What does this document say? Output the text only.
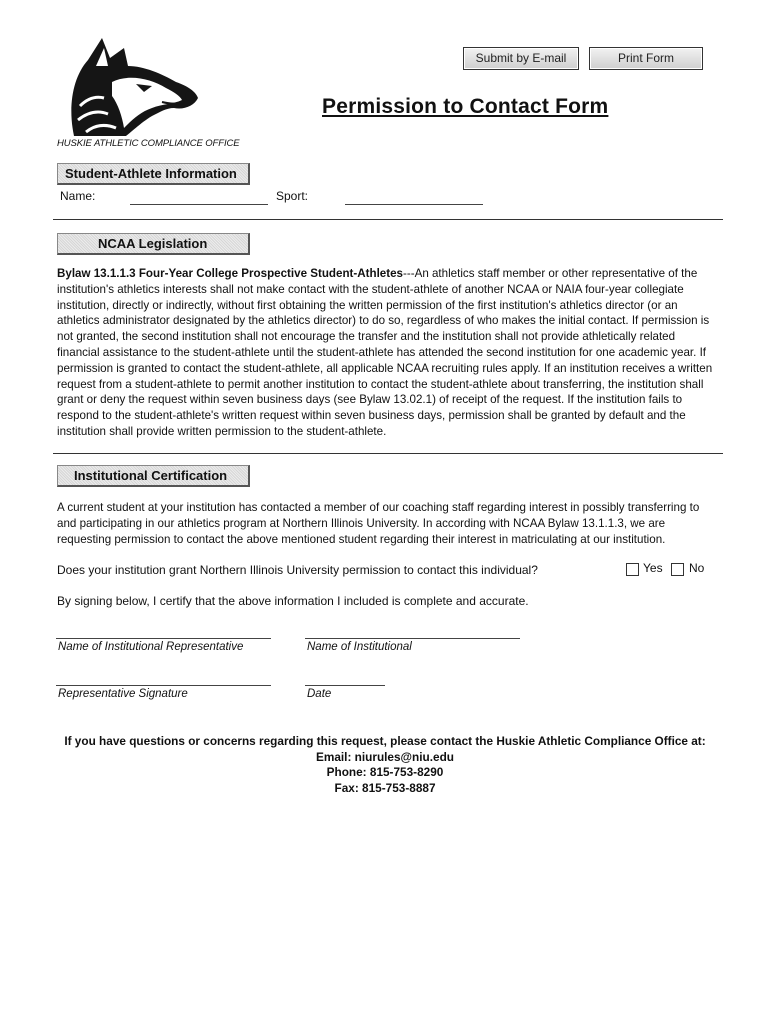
Submit by E-mail	Print Form
Permission to Contact Form
HUSKIE ATHLETIC COMPLIANCE OFFICE
Student-Athlete Information
Name:	Sport:
NCAA Legislation
Bylaw 13.1.1.3 Four-Year College Prospective Student-Athletes---An athletics staff member or other representative of the institution's athletics interests shall not make contact with the student-athlete of another NCAA or NAIA four-year collegiate institution, directly or indirectly, without first obtaining the written permission of the first institution's athletics director (or an athletics administrator designated by the athletics director) to do so, regardless of who makes the initial contact. If permission is not granted, the second institution shall not encourage the transfer and the institution shall not provide athletically related financial assistance to the student-athlete until the student-athlete has attended the second institution for one academic year. If permission is granted to contact the student-athlete, all applicable NCAA recruiting rules apply. If an institution receives a written request from a student-athlete to permit another institution to contact the student-athlete about transferring, the institution shall grant or deny the request within seven business days (see Bylaw 13.02.1) of receipt of the request. If the institution fails to respond to the student-athlete's written request within seven business days, permission shall be granted by default and the institution shall provide written permission to the student-athlete.
Institutional Certification
A current student at your institution has contacted a member of our coaching staff regarding interest in possibly transferring to and participating in our athletics program at Northern Illinois University. In according with NCAA Bylaw 13.1.1.3, we are requesting permission to contact the above mentioned student regarding their interest in matriculating at our institution.
Does your institution grant Northern Illinois University permission to contact this individual?	Yes No
By signing below, I certify that the above information I included is complete and accurate.
Name of Institutional Representative	Name of Institutional
Representative Signature	Date
If you have questions or concerns regarding this request, please contact the Huskie Athletic Compliance Office at:
Email: niurules@niu.edu
Phone: 815-753-8290
Fax: 815-753-8887
